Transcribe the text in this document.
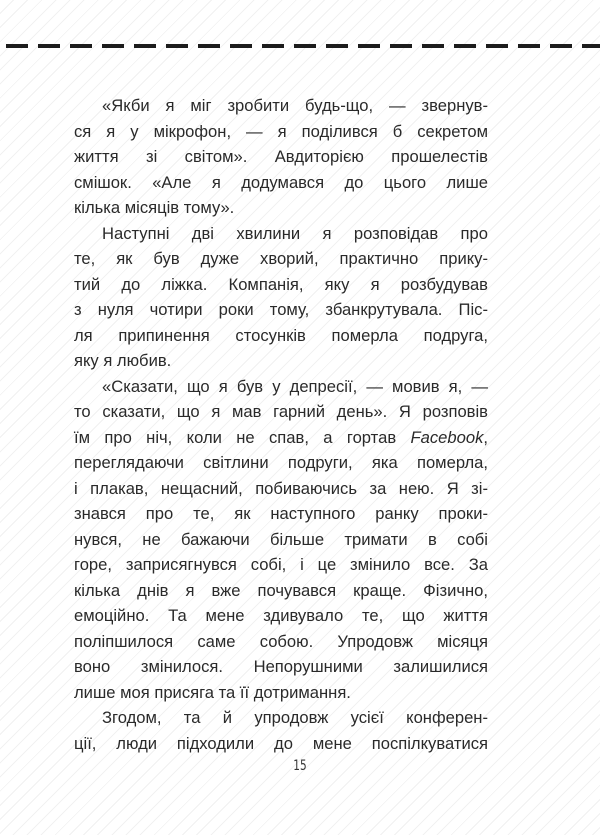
«Якби я міг зробити будь-що, — звернув-
ся я у мікрофон, — я поділився б секретом
життя зі світом». Авдиторією прошелестів
смішок. «Але я додумався до цього лише
кілька місяців тому».

Наступні дві хвилини я розповідав про
те, як був дуже хворий, практично прику-
тий до ліжка. Компанія, яку я розбудував
з нуля чотири роки тому, збанкрутувала. Піс-
ля припинення стосунків померла подруга,
яку я любив.

«Сказати, що я був у депресії, — мовив я, —
то сказати, що я мав гарний день». Я розповів
їм про ніч, коли не спав, а гортав Facebook,
переглядаючи світлини подруги, яка померла,
і плакав, нещасний, побиваючись за нею. Я зі-
знався про те, як наступного ранку проки-
нувся, не бажаючи більше тримати в собі
горе, заприсягнувся собі, і це змінило все. За
кілька днів я вже почувався краще. Фізично,
емоційно. Та мене здивувало те, що життя
поліпшилося саме собою. Упродовж місяця
воно змінилося. Непорушними залишилися
лише моя присяга та її дотримання.

Згодом, та й упродовж усієї конферен-
ції, люди підходили до мене поспілкуватися

15
